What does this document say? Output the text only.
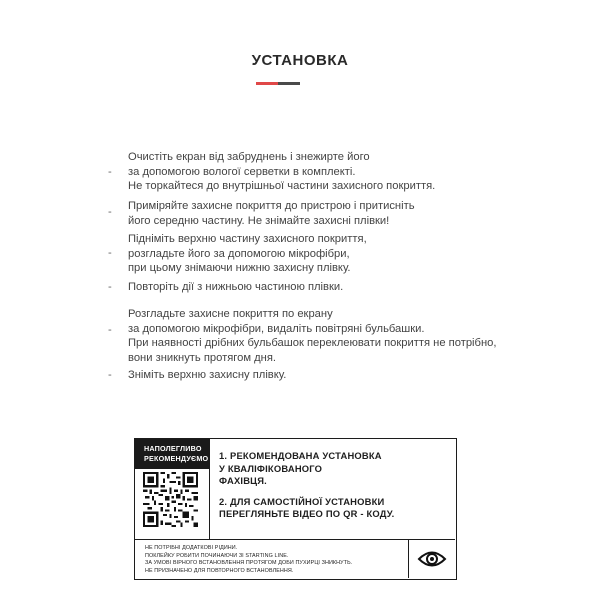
УСТАНОВКА
-
Очистіть екран від забруднень і знежирте його
за допомогою вологої серветки в комплекті.
Не торкайтеся до внутрішньої частини захисного покриття.
-	Приміряйте захисне покриття до пристрою і притисніть
його середню частину. Не знімайте захисні плівки!
-
Підніміть верхню частину захисного покриття,
розгладьте його за допомогою мікрофібри,
при цьому знімаючи нижню захисну плівку.
-	Повторіть дії з нижньою частиною плівки.
-
Розгладьте захисне покриття по екрану
за допомогою мікрофібри, видаліть повітряні бульбашки.
При наявності дрібних бульбашок переклеювати покриття не потрібно,
вони зникнуть протягом дня.
-	Зніміть верхню захисну плівку.
НАПОЛЕГЛИВО
РЕКОМЕНДУЄМО 1. РЕКОМЕНДОВАНА УСТАНОВКА
У КВАЛІФІКОВАНОГО
ФАХІВЦЯ.
2. ДЛЯ САМОСТІЙНОЇ УСТАНОВКИ
ПЕРЕГЛЯНЬТЕ ВІДЕО ПО QR - КОДУ.
НЕ ПОТРІБНІ ДОДАТКОВІ РІДИНИ.
ПОКЛЕЙКУ РОБИТИ ПОЧИНАЮЧИ ЗІ STARTING LINE.
ЗА УМОВІ ВІРНОГО ВСТАНОВЛЕННЯ ПРОТЯГОМ ДОБИ ПУХИРЦІ ЗНИКНУТЬ.
НЕ ПРИЗНАЧЕНО ДЛЯ ПОВТОРНОГО ВСТАНОВЛЕННЯ.
